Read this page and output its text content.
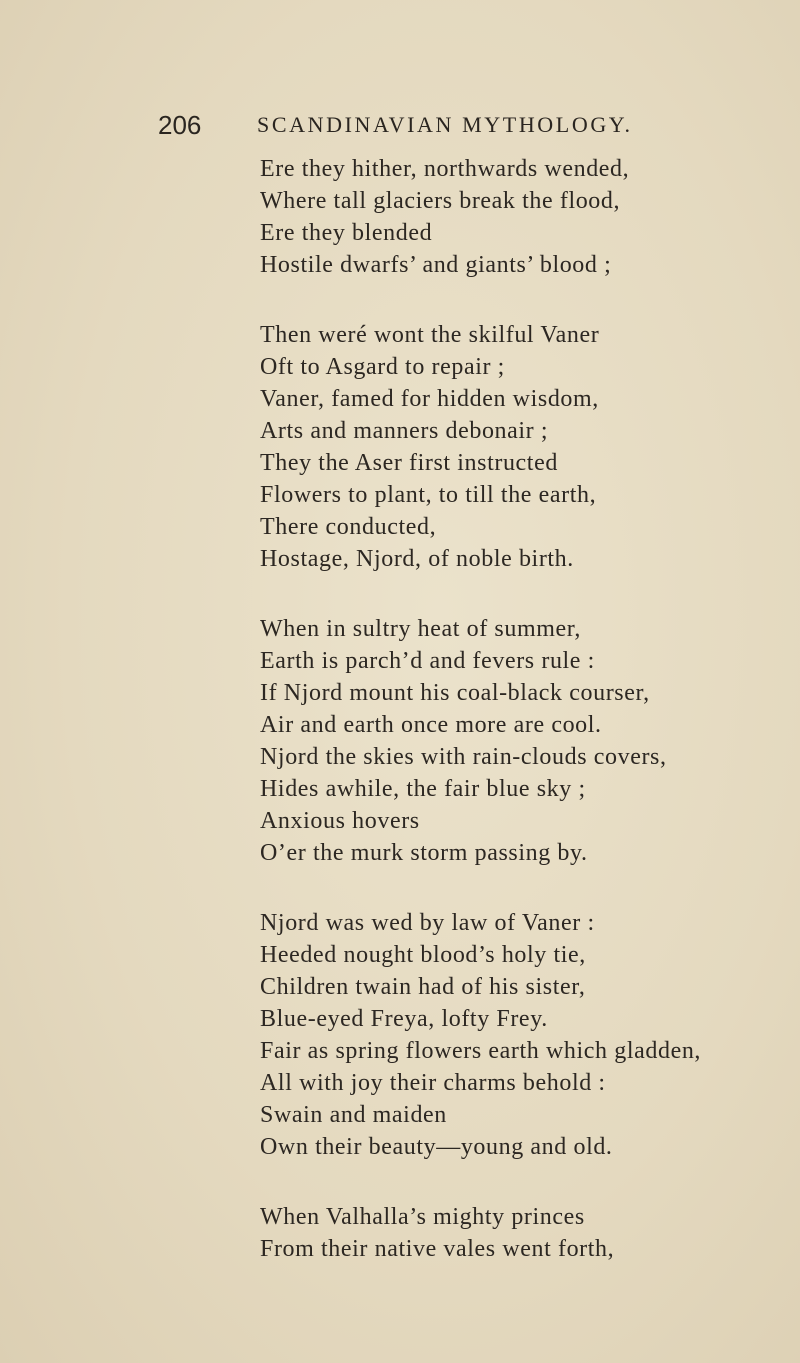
206	SCANDINAVIAN MYTHOLOGY.
Ere they hither, northwards wended,
Where tall glaciers break the flood,
Ere they blended
Hostile dwarfs’ and giants’ blood ;
Then weré wont the skilful Vaner
Oft to Asgard to repair ;
Vaner, famed for hidden wisdom,
Arts and manners debonair ;
They the Aser first instructed
Flowers to plant, to till the earth,
There conducted,
Hostage, Njord, of noble birth.
When in sultry heat of summer,
Earth is parch’d and fevers rule :
If Njord mount his coal-black courser,
Air and earth once more are cool.
Njord the skies with rain-clouds covers,
Hides awhile, the fair blue sky ;
Anxious hovers
O’er the murk storm passing by.
Njord was wed by law of Vaner :
Heeded nought blood’s holy tie,
Children twain had of his sister,
Blue-eyed Freya, lofty Frey.
Fair as spring flowers earth which gladden,
All with joy their charms behold :
Swain and maiden
Own their beauty—young and old.
When Valhalla’s mighty princes
From their native vales went forth,
